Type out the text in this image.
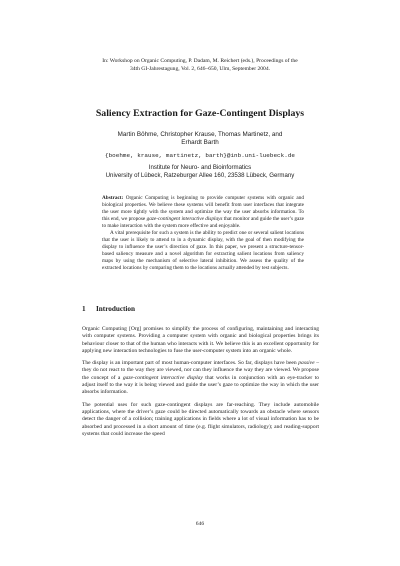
In: Workshop on Organic Computing, P. Dadam, M. Reichert (eds.), Proceedings of the
34th GI-Jahrestagung, Vol. 2, 646–650, Ulm, September 2004.
Saliency Extraction for Gaze-Contingent Displays
Martin Böhme, Christopher Krause, Thomas Martinetz, and
Erhardt Barth
{boehme, krause, martinetz, barth}@inb.uni-luebeck.de
Institute for Neuro- and Bioinformatics
University of Lübeck, Ratzeburger Allee 160, 23538 Lübeck, Germany

Abstract: Organic Computing is beginning to provide computer systems with organic and biological properties. We believe these systems will benefit from user interfaces that integrate the user more tightly with the system and optimize the way the user absorbs information. To this end, we propose gaze-contingent interactive displays that monitor and guide the user’s gaze to make interaction with the system more effective and enjoyable.

A vital prerequisite for such a system is the ability to predict one or several salient locations that the user is likely to attend to in a dynamic display, with the goal of then modifying the display to influence the user’s direction of gaze. In this paper, we present a structure-tensor-based saliency measure and a novel algorithm for extracting salient locations from saliency maps by using the mechanism of selective lateral inhibition. We assess the quality of the extracted locations by comparing them to the locations actually attended by test subjects.

1 Introduction

Organic Computing [Org] promises to simplify the process of configuring, maintaining and interacting with computer systems. Providing a computer system with organic and biological properties brings its behaviour closer to that of the human who interacts with it. We believe this is an excellent opportunity for applying new interaction technologies to fuse the user-computer system into an organic whole.

The display is an important part of most human-computer interfaces. So far, displays have been passive – they do not react to the way they are viewed, nor can they influence the way they are viewed. We propose the concept of a gaze-contingent interactive display that works in conjunction with an eye-tracker to adjust itself to the way it is being viewed and guide the user’s gaze to optimize the way in which the user absorbs information.

The potential uses for such gaze-contingent displays are far-reaching. They include automobile applications, where the driver’s gaze could be directed automatically towards an obstacle where sensors detect the danger of a collision; training applications in fields where a lot of visual information has to be absorbed and processed in a short amount of time (e.g. flight simulators, radiology); and reading-support systems that could increase the speed

646
